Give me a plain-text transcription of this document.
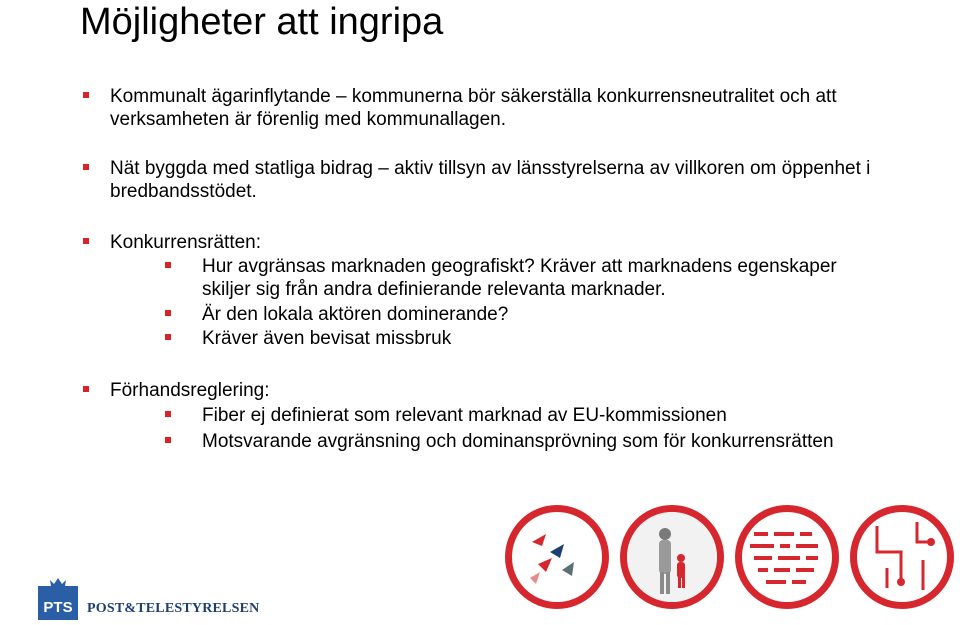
Möjligheter att ingripa
Kommunalt ägarinflytande – kommunerna bör säkerställa konkurrensneutralitet och att verksamheten är förenlig med kommunallagen.
Nät byggda med statliga bidrag – aktiv tillsyn av länsstyrelserna av villkoren om öppenhet i bredbandsstödet.
Konkurrensrätten:
Hur avgränsas marknaden geografiskt? Kräver att marknadens egenskaper skiljer sig från andra definierande relevanta marknader.
Är den lokala aktören dominerande?
Kräver även bevisat missbruk
Förhandsreglering:
Fiber ej definierat som relevant marknad av EU-kommissionen
Motsvarande avgränsning och dominansprövning som för konkurrensrätten
PTS POST&TELESTYRELSEN
